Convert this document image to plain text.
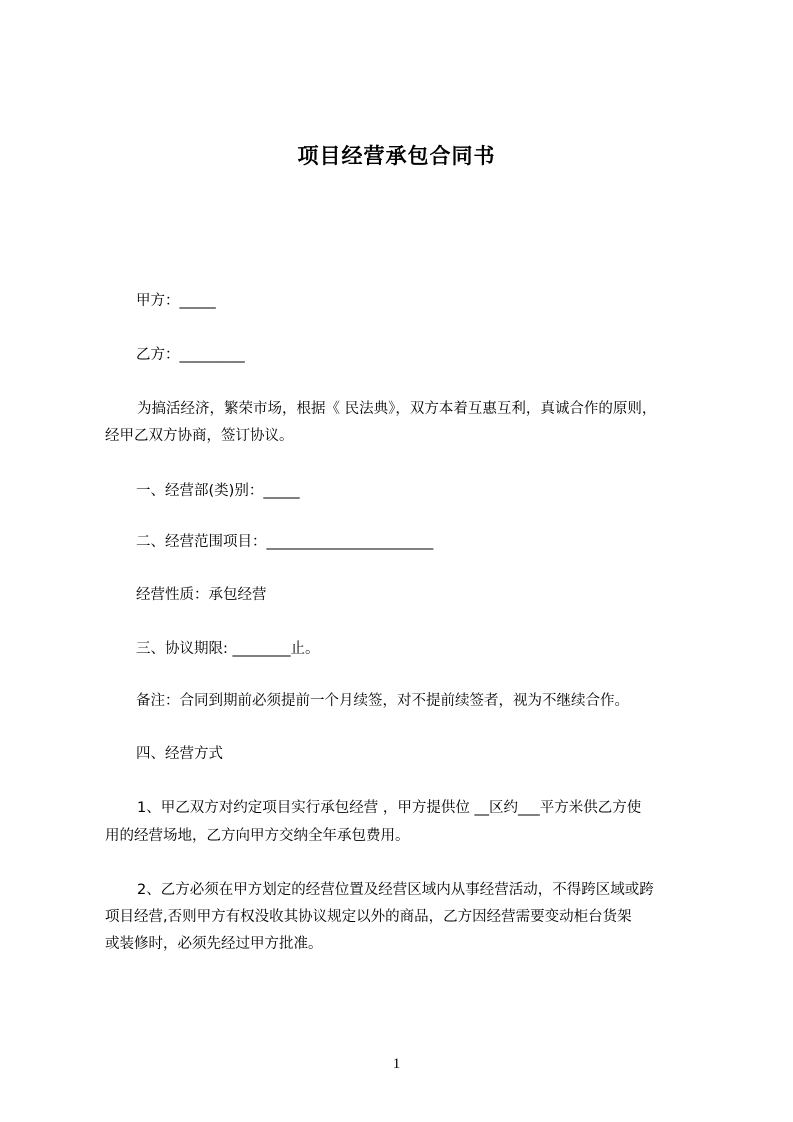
项目经营承包合同书
甲方：_____
乙方：_________
为搞活经济，繁荣市场，根据《 民法典》，双方本着互惠互利，真诚合作的原则，
经甲乙双方协商，签订协议。
一、经营部(类)别：_____
二、经营范围项目：_______________________
经营性质：承包经营
三、协议期限: ________止。
备注：合同到期前必须提前一个月续签，对不提前续签者，视为不继续合作。
四、经营方式
1、甲乙双方对约定项目实行承包经营 ，甲方提供位 __区约___平方米供乙方使
用的经营场地，乙方向甲方交纳全年承包费用。
2、乙方必须在甲方划定的经营位置及经营区域内从事经营活动，不得跨区域或跨
项目经营,否则甲方有权没收其协议规定以外的商品，乙方因经营需要变动柜台货架
或装修时，必须先经过甲方批准。
1
